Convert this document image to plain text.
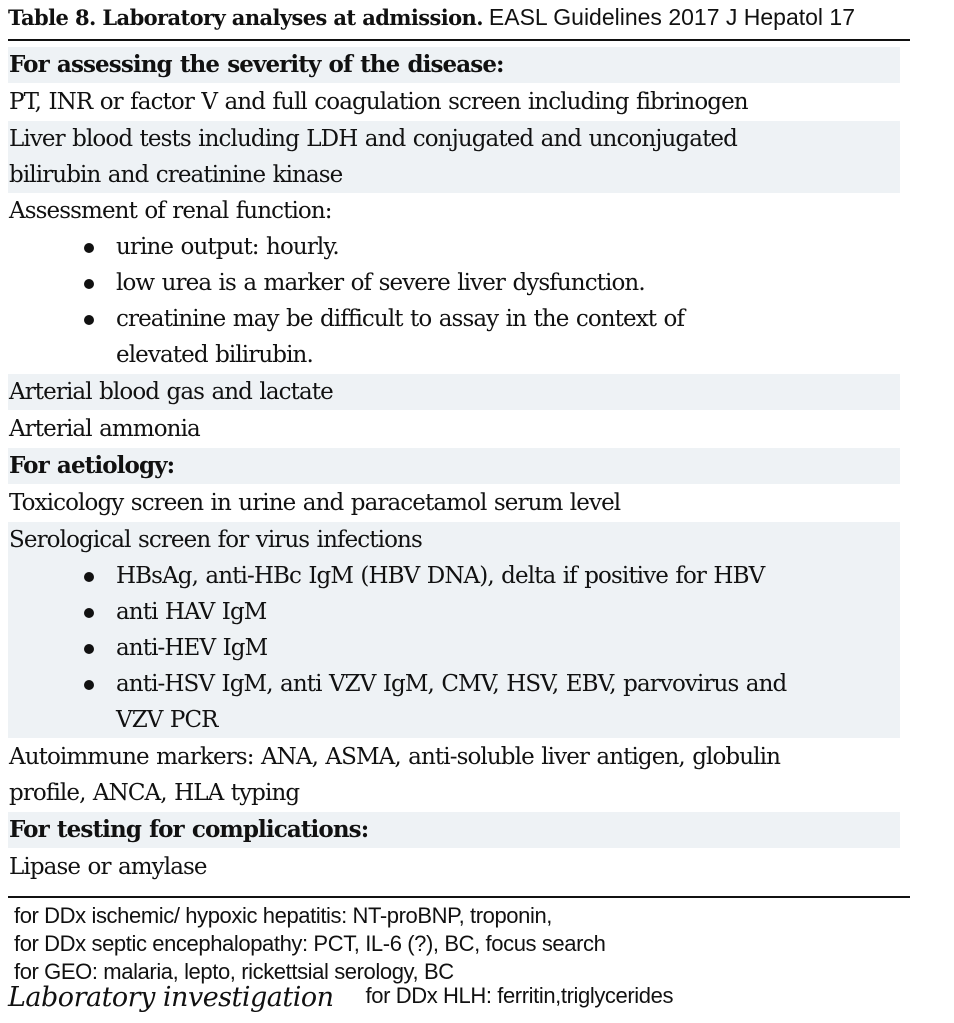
Table 8. Laboratory analyses at admission. EASL Guidelines 2017 J Hepatol 17
For assessing the severity of the disease:
PT, INR or factor V and full coagulation screen including fibrinogen
Liver blood tests including LDH and conjugated and unconjugated bilirubin and creatinine kinase
Assessment of renal function:
urine output: hourly.
low urea is a marker of severe liver dysfunction.
creatinine may be difficult to assay in the context of elevated bilirubin.
Arterial blood gas and lactate
Arterial ammonia
For aetiology:
Toxicology screen in urine and paracetamol serum level
Serological screen for virus infections
HBsAg, anti-HBc IgM (HBV DNA), delta if positive for HBV
anti HAV IgM
anti-HEV IgM
anti-HSV IgM, anti VZV IgM, CMV, HSV, EBV, parvovirus and VZV PCR
Autoimmune markers: ANA, ASMA, anti-soluble liver antigen, globulin profile, ANCA, HLA typing
For testing for complications:
Lipase or amylase
for DDx ischemic/ hypoxic hepatitis: NT-proBNP, troponin,
for DDx septic encephalopathy: PCT, IL-6 (?), BC, focus search
for GEO: malaria, lepto, rickettsial serology, BC
Laboratory investigation for DDx HLH: ferritin,triglycerides
